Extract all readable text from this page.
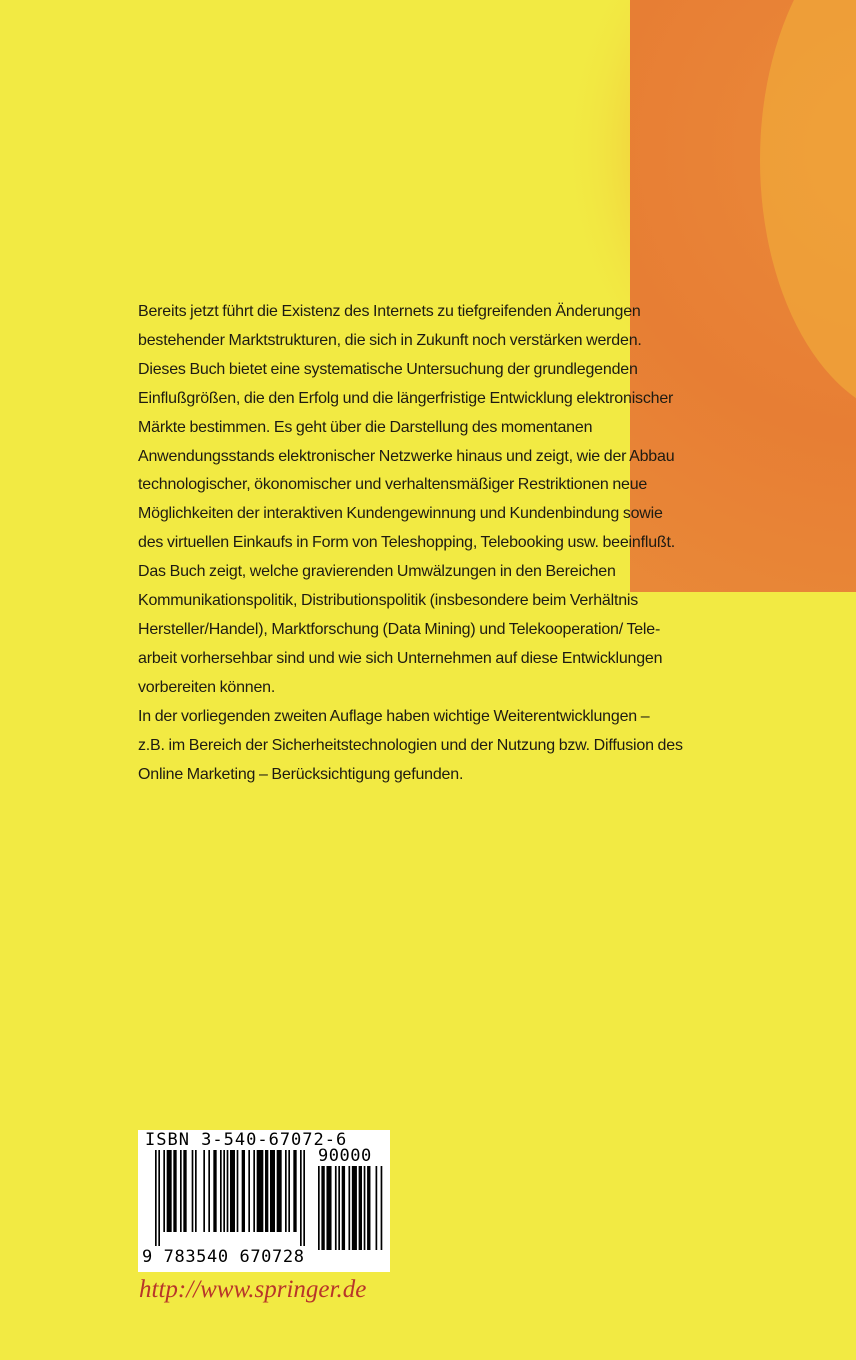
Bereits jetzt führt die Existenz des Internets zu tiefgreifenden Änderungen
bestehender Marktstrukturen, die sich in Zukunft noch verstärken werden.
Dieses Buch bietet eine systematische Untersuchung der grundlegenden
Einflußgrößen, die den Erfolg und die längerfristige Entwicklung elektronischer
Märkte bestimmen. Es geht über die Darstellung des momentanen
Anwendungsstands elektronischer Netzwerke hinaus und zeigt, wie der Abbau
technologischer, ökonomischer und verhaltensmäßiger Restriktionen neue
Möglichkeiten der interaktiven Kundengewinnung und Kundenbindung sowie
des virtuellen Einkaufs in Form von Teleshopping, Telebooking usw. beeinflußt.
Das Buch zeigt, welche gravierenden Umwälzungen in den Bereichen
Kommunikationspolitik, Distributionspolitik (insbesondere beim Verhältnis
Hersteller/Handel), Marktforschung (Data Mining) und Telekooperation/ Tele-
arbeit vorhersehbar sind und wie sich Unternehmen auf diese Entwicklungen
vorbereiten können.
In der vorliegenden zweiten Auflage haben wichtige Weiterentwicklungen –
z.B. im Bereich der Sicherheitstechnologien und der Nutzung bzw. Diffusion des
Online Marketing – Berücksichtigung gefunden.
ISBN 3-540-67072-6
90000
9 783540 670728
http://www.springer.de
